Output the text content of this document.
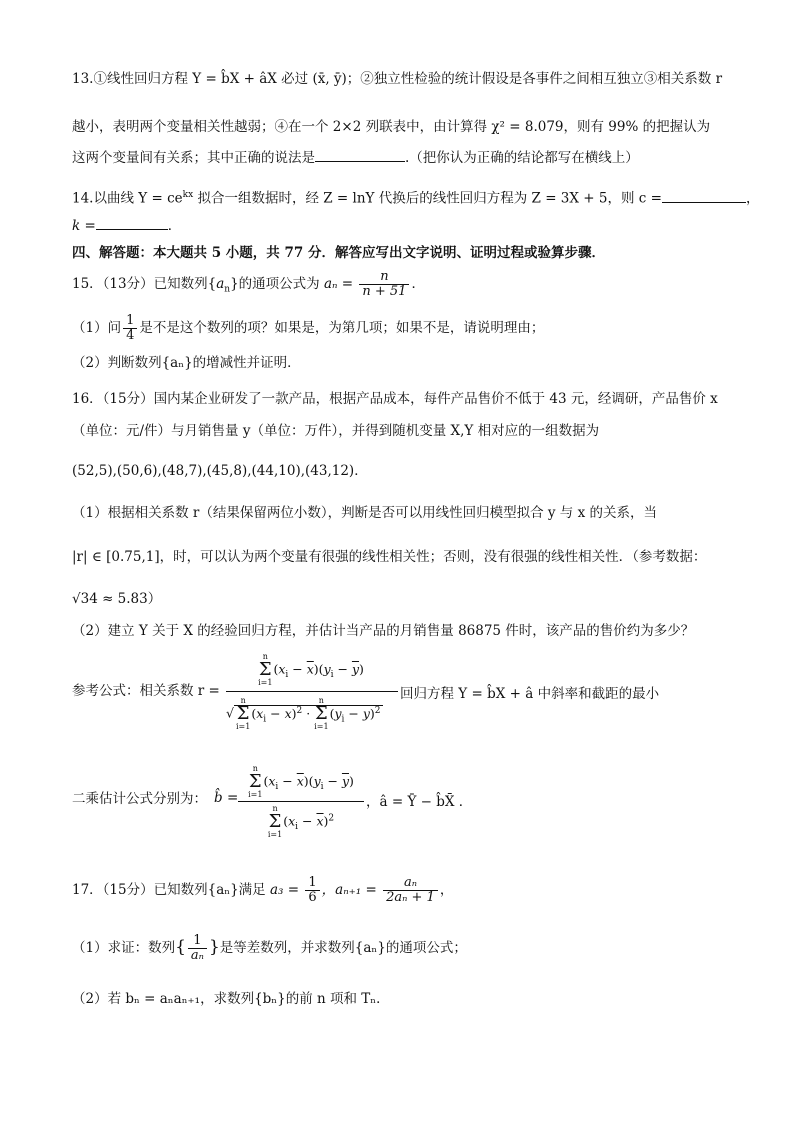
13.①线性回归方程 Y = b̂X + âX 必过 (x̄, ȳ)；②独立性检验的统计假设是各事件之间相互独立③相关系数 r
越小，表明两个变量相关性越弱；④在一个 2×2 列联表中，由计算得 χ² = 8.079，则有 99% 的把握认为
这两个变量间有关系；其中正确的说法是	.（把你认为正确的结论都写在横线上）
14.以曲线 $Y = ce^{kx}$ 拟合一组数据时，经 Z = lnY 代换后的线性回归方程为 Z = 3X + 5，则 c =	，
k =	．
四、解答题：本大题共 5 小题，共 77 分．解答应写出文字说明、证明过程或验算步骤．
15．（13分）已知数列$\{a_n\}$的通项公式为 $a_n = \frac{n}{n + 51}$ ．
（1）问 $\frac{1}{4}$ 是不是这个数列的项？如果是，为第几项；如果不是，请说明理由；
（2）判断数列{aₙ}的增减性并证明．
16．（15分）国内某企业研发了一款产品，根据产品成本，每件产品售价不低于 43 元，经调研，产品售价 x
（单位：元/件）与月销售量 y（单位：万件），并得到随机变量 X,Y 相对应的一组数据为
(52,5),(50,6),(48,7),(45,8),(44,10),(43,12)．
（1）根据相关系数 r（结果保留两位小数），判断是否可以用线性回归模型拟合 y 与 x 的关系，当
|r| ∈ [0.75,1]，时，可以认为两个变量有很强的线性相关性；否则，没有很强的线性相关性．（参考数据：
√34 ≈ 5.83）
（2）建立 Y 关于 X 的经验回归方程，并估计当产品的月销售量 86875 件时，该产品的售价约为多少？
参考公式：相关系数 r =
n
Σ
i=1
$(x_i - \overline{x})(y_i - \overline{y})$
√
n
Σ
i=1
$(x_i - \overline{x})^2$ ·
n
Σ
i=1
$(y_i - \overline{y})^2$
回归方程 Y = b̂X + â 中斜率和截距的最小
二乘估计公式分别为： b̂ =
n
Σ
i=1
$(x_i - \overline{x})(y_i - \overline{y})$
n
Σ
i=1
$(x_i - \overline{x})^2$
，â = Ȳ − b̂X̄ ．
17．（15分）已知数列{aₙ}满足 $a_3 = \frac{1}{6}$ ，$a_{n+1} = \frac{\text{aₙ}}{\text{2aₙ + 1}}$ ，
（1）求证：数列{ $\frac{1}{\text{aₙ}}$ }是等差数列，并求数列{aₙ}的通项公式；
（2）若 bₙ = aₙaₙ₊₁，求数列{bₙ}的前 n 项和 Tₙ．
